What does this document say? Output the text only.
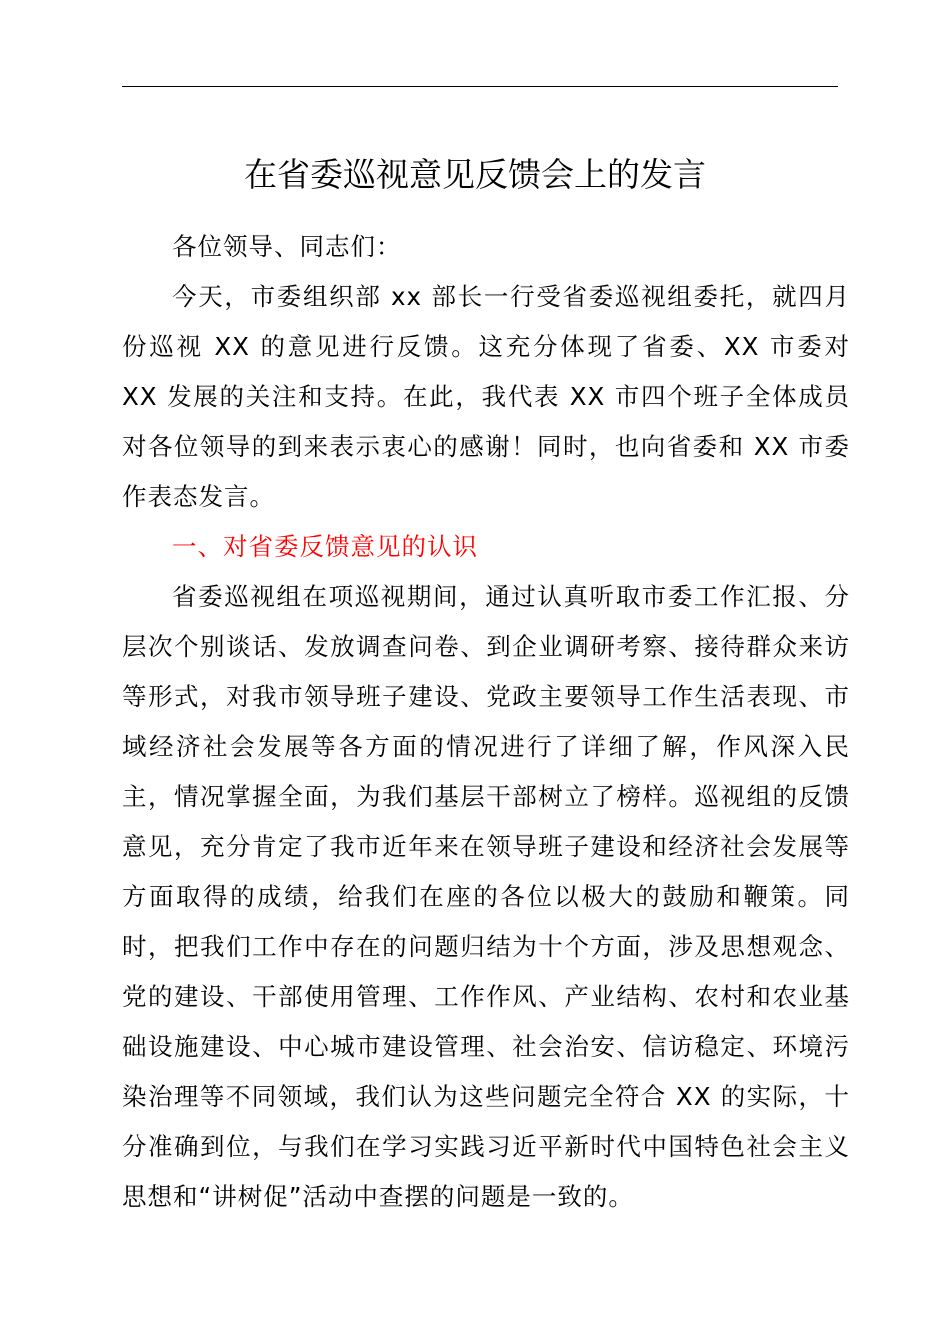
在省委巡视意见反馈会上的发言

各位领导、同志们：

今天，市委组织部 xx 部长一行受省委巡视组委托，就四月份巡视 XX 的意见进行反馈。这充分体现了省委、XX 市委对 XX 发展的关注和支持。在此，我代表 XX 市四个班子全体成员对各位领导的到来表示衷心的感谢！同时，也向省委和 XX 市委作表态发言。

一、对省委反馈意见的认识

省委巡视组在项巡视期间，通过认真听取市委工作汇报、分层次个别谈话、发放调查问卷、到企业调研考察、接待群众来访等形式，对我市领导班子建设、党政主要领导工作生活表现、市域经济社会发展等各方面的情况进行了详细了解，作风深入民主，情况掌握全面，为我们基层干部树立了榜样。巡视组的反馈意见，充分肯定了我市近年来在领导班子建设和经济社会发展等方面取得的成绩，给我们在座的各位以极大的鼓励和鞭策。同时，把我们工作中存在的问题归结为十个方面，涉及思想观念、党的建设、干部使用管理、工作作风、产业结构、农村和农业基础设施建设、中心城市建设管理、社会治安、信访稳定、环境污染治理等不同领域，我们认为这些问题完全符合 XX 的实际，十分准确到位，与我们在学习实践习近平新时代中国特色社会主义思想和“讲树促”活动中查摆的问题是一致的。
